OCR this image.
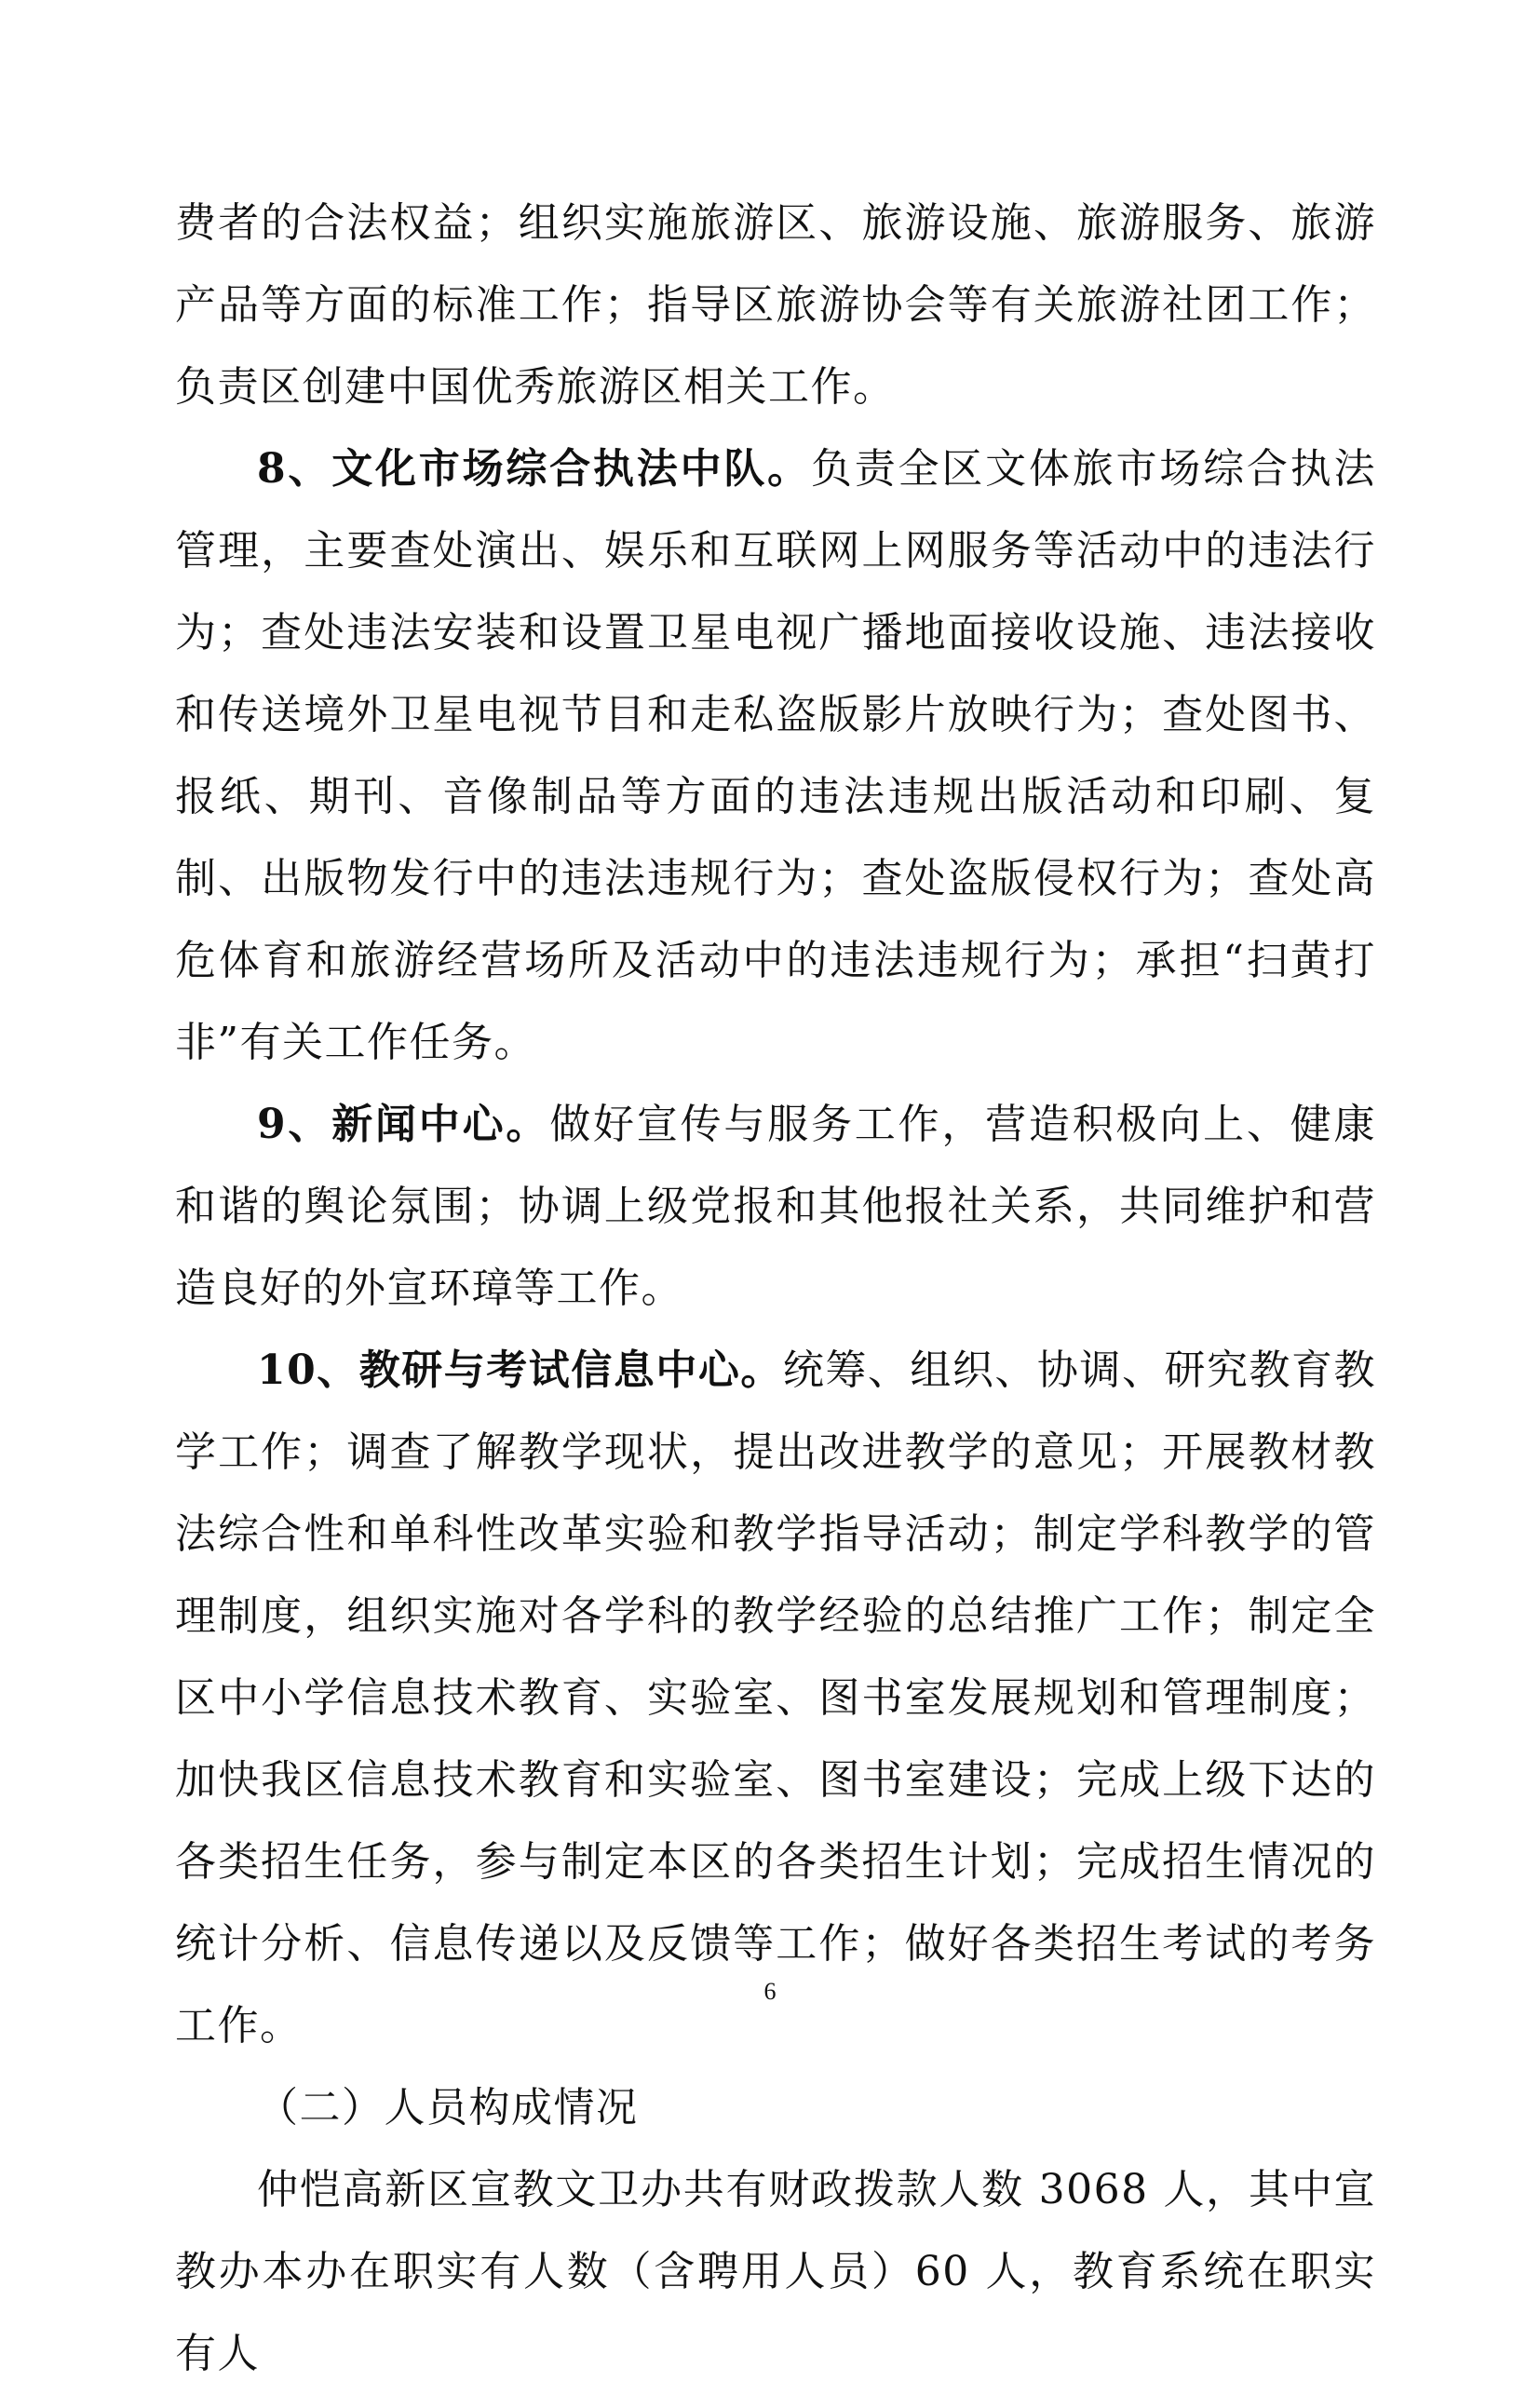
费者的合法权益；组织实施旅游区、旅游设施、旅游服务、旅游产品等方面的标准工作；指导区旅游协会等有关旅游社团工作；负责区创建中国优秀旅游区相关工作。

8、文化市场综合执法中队。负责全区文体旅市场综合执法管理，主要查处演出、娱乐和互联网上网服务等活动中的违法行为；查处违法安装和设置卫星电视广播地面接收设施、违法接收和传送境外卫星电视节目和走私盗版影片放映行为；查处图书、报纸、期刊、音像制品等方面的违法违规出版活动和印刷、复制、出版物发行中的违法违规行为；查处盗版侵权行为；查处高危体育和旅游经营场所及活动中的违法违规行为；承担“扫黄打非”有关工作任务。

9、新闻中心。做好宣传与服务工作，营造积极向上、健康和谐的舆论氛围；协调上级党报和其他报社关系，共同维护和营造良好的外宣环璋等工作。

10、教研与考试信息中心。统筹、组织、协调、研究教育教学工作；调查了解教学现状，提出改进教学的意见；开展教材教法综合性和单科性改革实验和教学指导活动；制定学科教学的管理制度，组织实施对各学科的教学经验的总结推广工作；制定全区中小学信息技术教育、实验室、图书室发展规划和管理制度；加快我区信息技术教育和实验室、图书室建设；完成上级下达的各类招生任务，参与制定本区的各类招生计划；完成招生情况的统计分析、信息传递以及反馈等工作；做好各类招生考试的考务工作。

（二）人员构成情况

仲恺高新区宣教文卫办共有财政拨款人数 3068 人，其中宣教办本办在职实有人数（含聘用人员）60 人，教育系统在职实有人

6
